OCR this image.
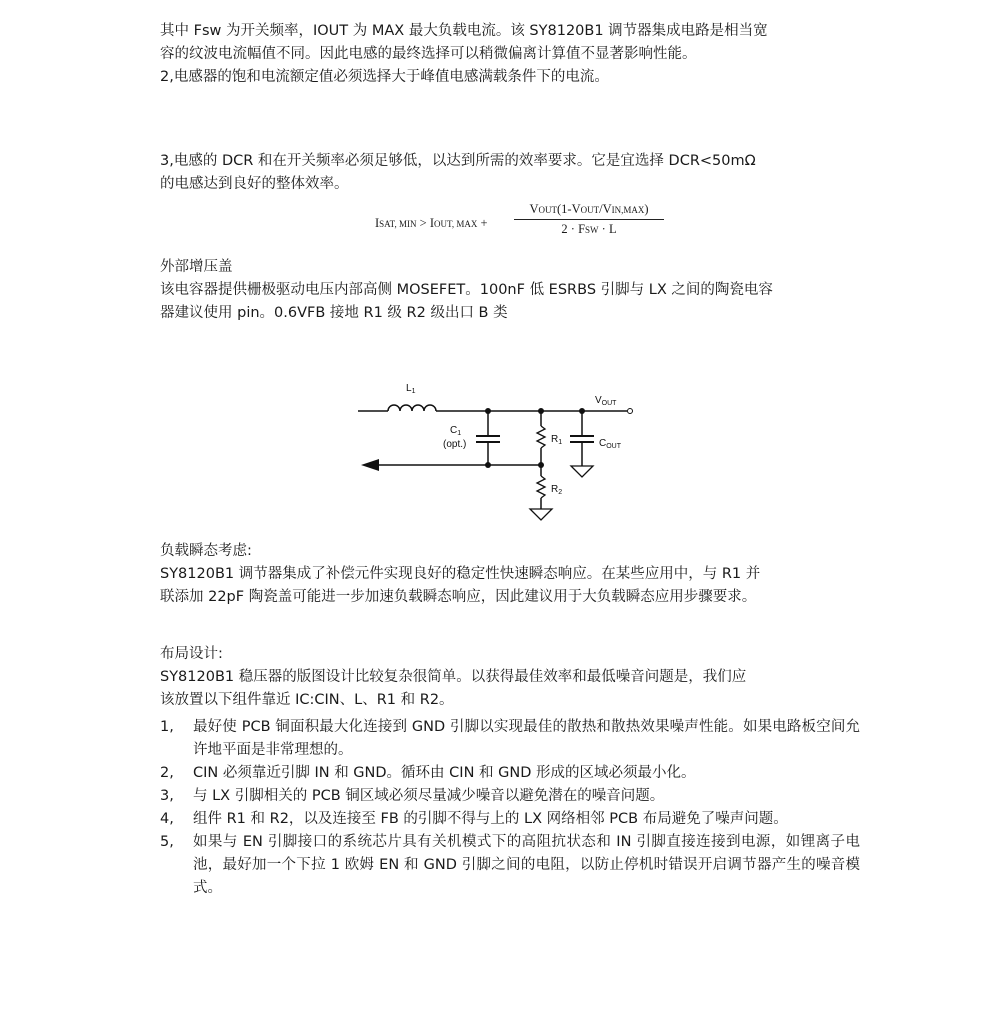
其中 Fsw 为开关频率，IOUT 为 MAX 最大负载电流。该 SY8120B1 调节器集成电路是相当宽

容的纹波电流幅值不同。因此电感的最终选择可以稍微偏离计算值不显著影响性能。

2,电感器的饱和电流额定值必须选择大于峰值电感满载条件下的电流。

3,电感的 DCR 和在开关频率必须足够低，以达到所需的效率要求。它是宜选择 DCR<50mΩ

的电感达到良好的整体效率。

ISAT, MIN > IOUT, MAX +
VOUT(1-VOUT/VIN,MAX)
2 · FSW · L

外部增压盖

该电容器提供栅极驱动电压内部高侧 MOSEFET。100nF 低 ESRBS 引脚与 LX 之间的陶瓷电容

器建议使用 pin。0.6VFB 接地 R1 级 R2 级出口 B 类

$L_1$
$C_1$
(opt.)	$R_1$
$R_2$
$C_{OUT}$
$V_{OUT}$

负载瞬态考虑:

SY8120B1 调节器集成了补偿元件实现良好的稳定性快速瞬态响应。在某些应用中，与 R1 并

联添加 22pF 陶瓷盖可能进一步加速负载瞬态响应，因此建议用于大负载瞬态应用步骤要求。

布局设计:

SY8120B1 稳压器的版图设计比较复杂很简单。以获得最佳效率和最低噪音问题是，我们应

该放置以下组件靠近 IC:CIN、L、R1 和 R2。

1, 最好使 PCB 铜面积最大化连接到 GND 引脚以实现最佳的散热和散热效果噪声性能。如果电路板空间允许地平面是非常理想的。
2, CIN 必须靠近引脚 IN 和 GND。循环由 CIN 和 GND 形成的区域必须最小化。
3, 与 LX 引脚相关的 PCB 铜区域必须尽量减少噪音以避免潜在的噪音问题。
4, 组件 R1 和 R2，以及连接至 FB 的引脚不得与上的 LX 网络相邻 PCB 布局避免了噪声问题。
5, 如果与 EN 引脚接口的系统芯片具有关机模式下的高阻抗状态和 IN 引脚直接连接到电源，如锂离子电池，最好加一个下拉 1 欧姆 EN 和 GND 引脚之间的电阻，以防止停机时错误开启调节器产生的噪音模式。
